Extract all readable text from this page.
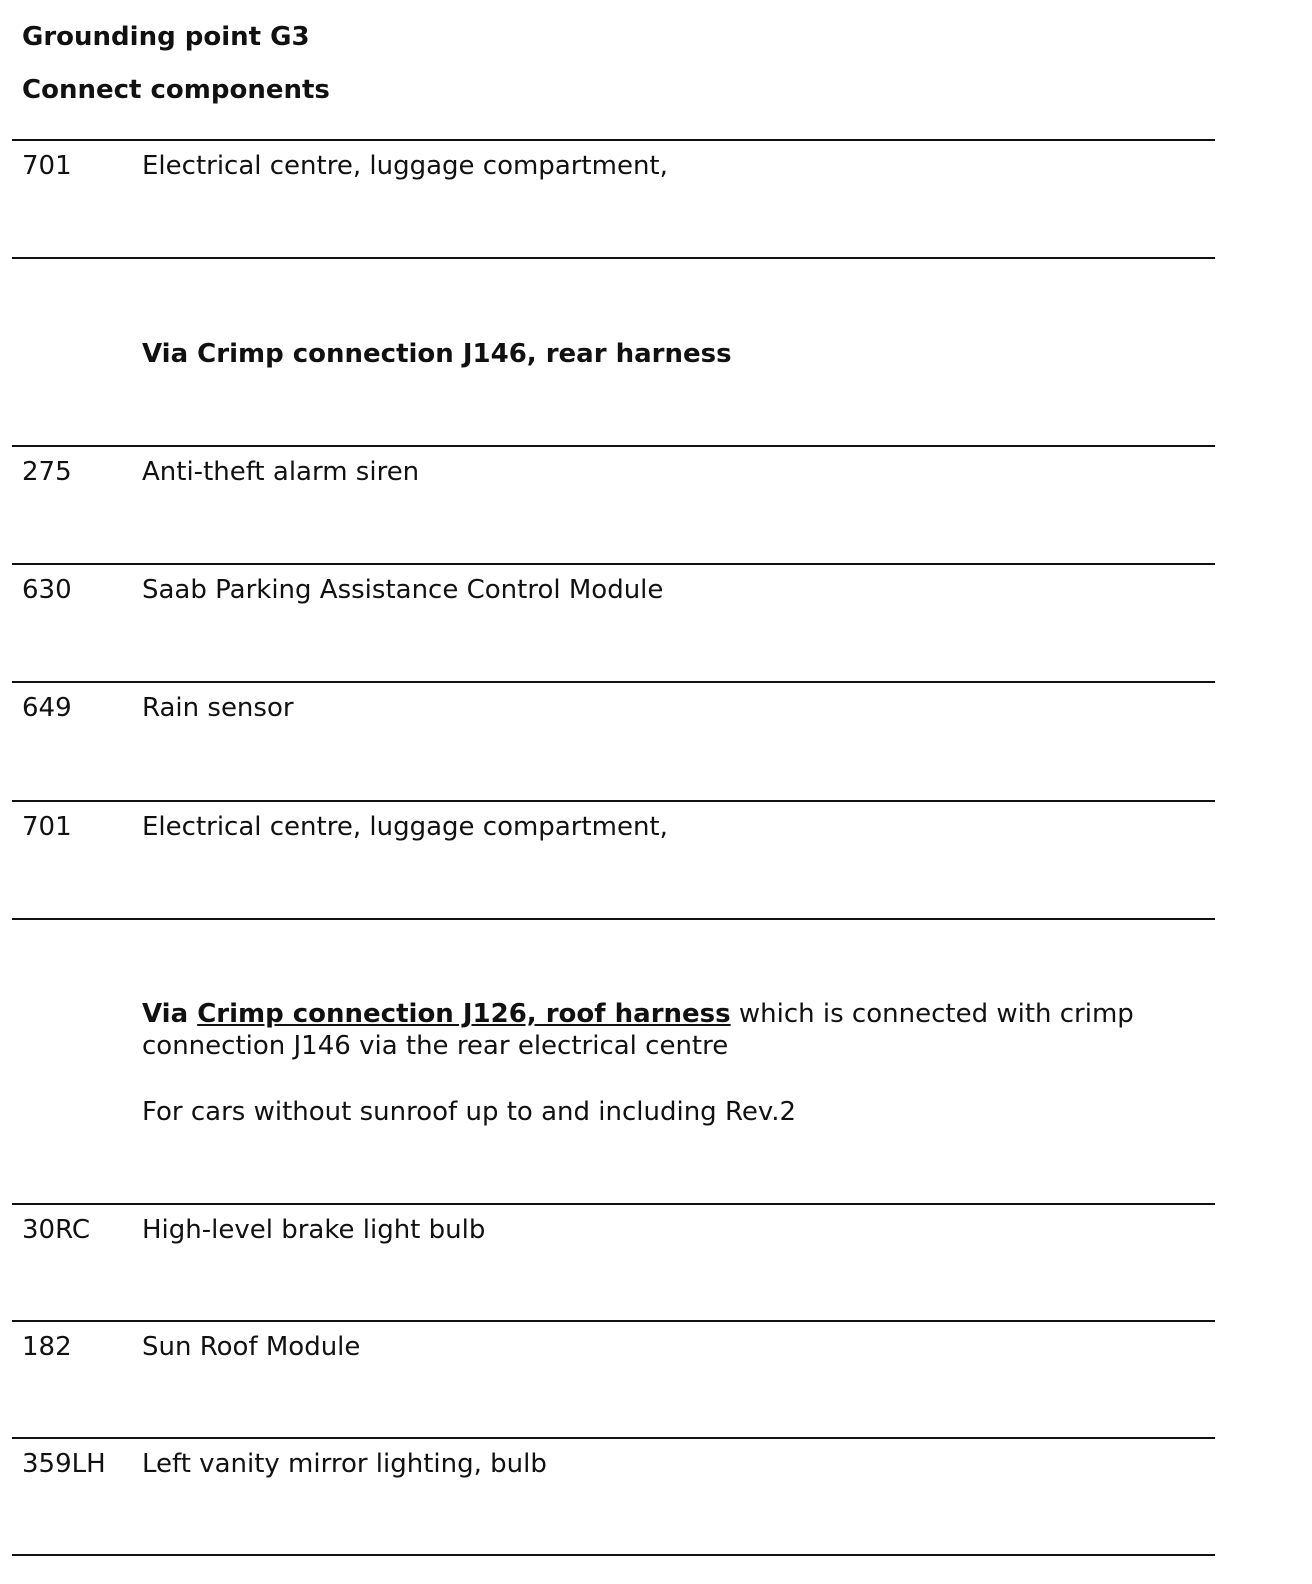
Grounding point G3
Connect components
701	Electrical centre, luggage compartment,
Via Crimp connection J146, rear harness
275	Anti-theft alarm siren
630	Saab Parking Assistance Control Module
649	Rain sensor
701	Electrical centre, luggage compartment,
Via Crimp connection J126, roof harness which is connected with crimp connection J146 via the rear electrical centre
For cars without sunroof up to and including Rev.2
30RC High-level brake light bulb
182	Sun Roof Module
359LH Left vanity mirror lighting, bulb
